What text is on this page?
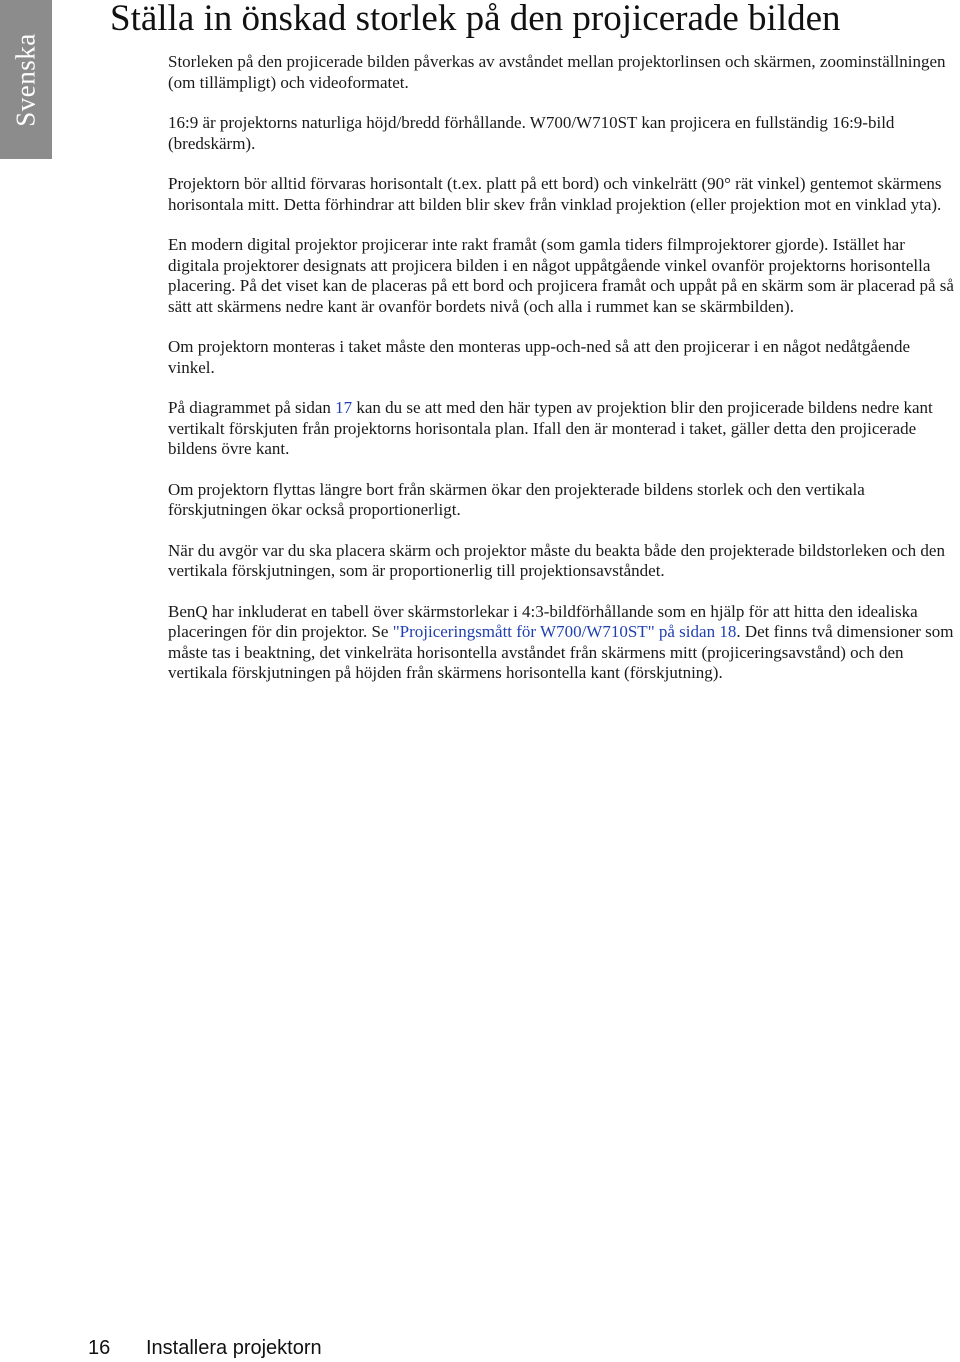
Svenska
Ställa in önskad storlek på den projicerade bilden

Storleken på den projicerade bilden påverkas av avståndet mellan projektorlinsen och skärmen, zoominställningen (om tillämpligt) och videoformatet.

16:9 är projektorns naturliga höjd/bredd förhållande. W700/W710ST kan projicera en fullständig 16:9-bild (bredskärm).

Projektorn bör alltid förvaras horisontalt (t.ex. platt på ett bord) och vinkelrätt (90° rät vinkel) gentemot skärmens horisontala mitt. Detta förhindrar att bilden blir skev från vinklad projektion (eller projektion mot en vinklad yta).

En modern digital projektor projicerar inte rakt framåt (som gamla tiders filmprojektorer gjorde). Istället har digitala projektorer designats att projicera bilden i en något uppåtgående vinkel ovanför projektorns horisontella placering. På det viset kan de placeras på ett bord och projicera framåt och uppåt på en skärm som är placerad på så sätt att skärmens nedre kant är ovanför bordets nivå (och alla i rummet kan se skärmbilden).

Om projektorn monteras i taket måste den monteras upp-och-ned så att den projicerar i en något nedåtgående vinkel.

På diagrammet på sidan 17 kan du se att med den här typen av projektion blir den projicerade bildens nedre kant vertikalt förskjuten från projektorns horisontala plan. Ifall den är monterad i taket, gäller detta den projicerade bildens övre kant.

Om projektorn flyttas längre bort från skärmen ökar den projekterade bildens storlek och den vertikala förskjutningen ökar också proportionerligt.

När du avgör var du ska placera skärm och projektor måste du beakta både den projekterade bildstorleken och den vertikala förskjutningen, som är proportionerlig till projektionsavståndet.

BenQ har inkluderat en tabell över skärmstorlekar i 4:3-bildförhållande som en hjälp för att hitta den idealiska placeringen för din projektor. Se "Projiceringsmått för W700/W710ST" på sidan 18. Det finns två dimensioner som måste tas i beaktning, det vinkelräta horisontella avståndet från skärmens mitt (projiceringsavstånd) och den vertikala förskjutningen på höjden från skärmens horisontella kant (förskjutning).

16 Installera projektorn
